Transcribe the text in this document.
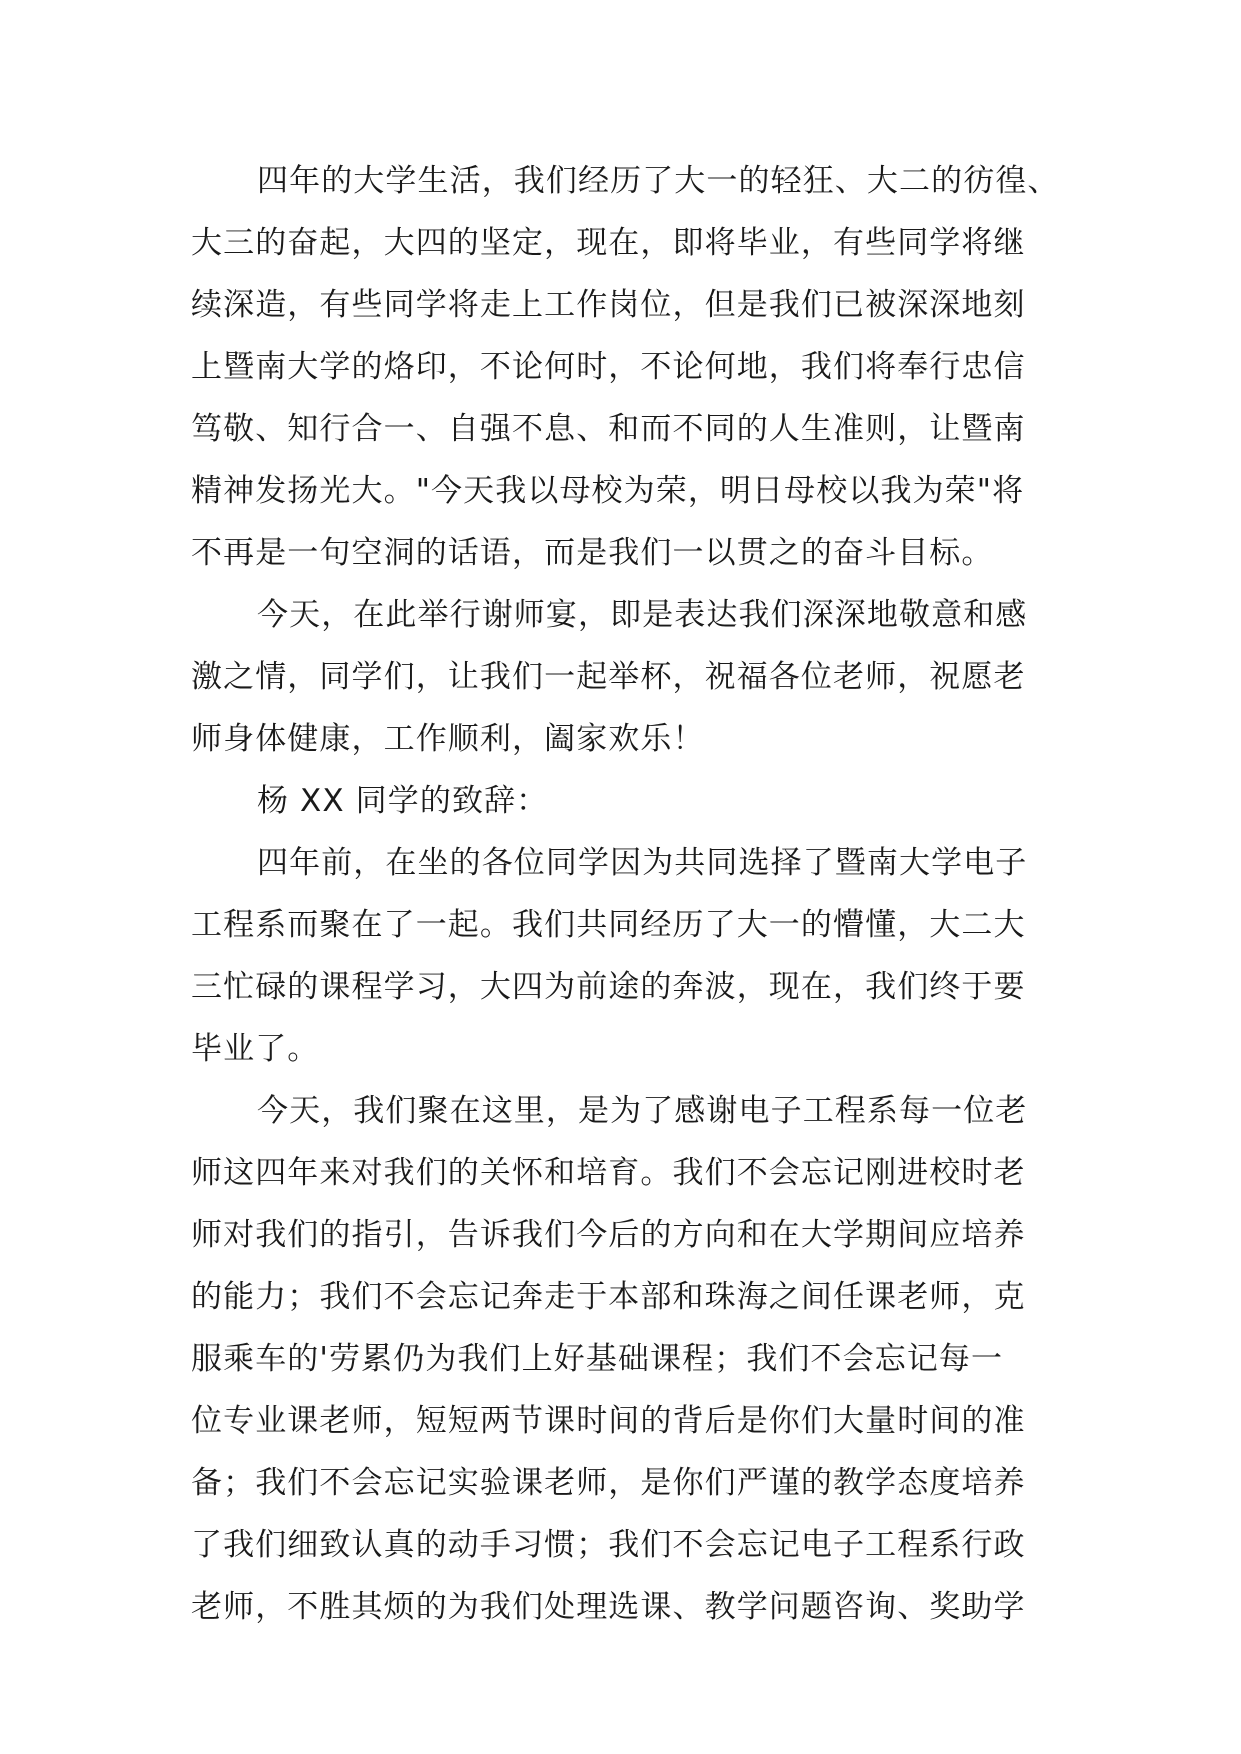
四年的大学生活，我们经历了大一的轻狂、大二的彷徨、
大三的奋起，大四的坚定，现在，即将毕业，有些同学将继
续深造，有些同学将走上工作岗位，但是我们已被深深地刻
上暨南大学的烙印，不论何时，不论何地，我们将奉行忠信
笃敬、知行合一、自强不息、和而不同的人生准则，让暨南
精神发扬光大。"今天我以母校为荣，明日母校以我为荣"将
不再是一句空洞的话语，而是我们一以贯之的奋斗目标。
今天，在此举行谢师宴，即是表达我们深深地敬意和感
激之情，同学们，让我们一起举杯，祝福各位老师，祝愿老
师身体健康，工作顺利，阖家欢乐！
杨 XX 同学的致辞：
四年前，在坐的各位同学因为共同选择了暨南大学电子
工程系而聚在了一起。我们共同经历了大一的懵懂，大二大
三忙碌的课程学习，大四为前途的奔波，现在，我们终于要
毕业了。
今天，我们聚在这里，是为了感谢电子工程系每一位老
师这四年来对我们的关怀和培育。我们不会忘记刚进校时老
师对我们的指引，告诉我们今后的方向和在大学期间应培养
的能力；我们不会忘记奔走于本部和珠海之间任课老师，克
服乘车的'劳累仍为我们上好基础课程；我们不会忘记每一
位专业课老师，短短两节课时间的背后是你们大量时间的准
备；我们不会忘记实验课老师，是你们严谨的教学态度培养
了我们细致认真的动手习惯；我们不会忘记电子工程系行政
老师，不胜其烦的为我们处理选课、教学问题咨询、奖助学
